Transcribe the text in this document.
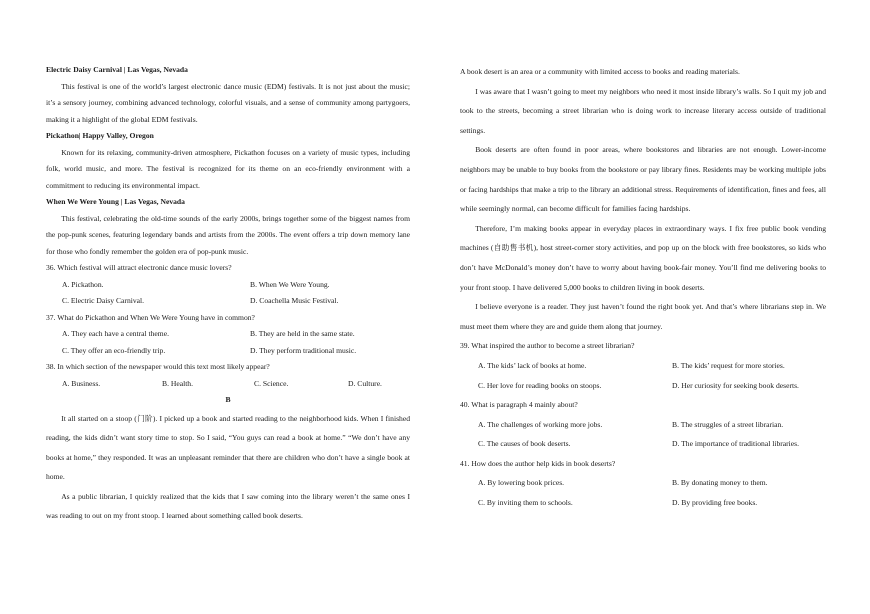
Electric Daisy Carnival | Las Vegas, Nevada

This festival is one of the world’s largest electronic dance music (EDM) festivals. It is not just about the music; it’s a sensory journey, combining advanced technology, colorful visuals, and a sense of community among partygoers, making it a highlight of the global EDM festivals.

Pickathon| Happy Valley, Oregon

Known for its relaxing, community-driven atmosphere, Pickathon focuses on a variety of music types, including folk, world music, and more. The festival is recognized for its theme on an eco-friendly environment with a commitment to reducing its environmental impact.

When We Were Young | Las Vegas, Nevada

This festival, celebrating the old-time sounds of the early 2000s, brings together some of the biggest names from the pop-punk scenes, featuring legendary bands and artists from the 2000s. The event offers a trip down memory lane for those who fondly remember the golden era of pop-punk music.

36. Which festival will attract electronic dance music lovers?

A. Pickathon.	B. When We Were Young.
C. Electric Daisy Carnival.	D. Coachella Music Festival.

37. What do Pickathon and When We Were Young have in common?

A. They each have a central theme.	B. They are held in the same state.
C. They offer an eco-friendly trip.	D. They perform traditional music.

38. In which section of the newspaper would this text most likely appear?

A. Business.	B. Health.	C. Science.	D. Culture.

B

It all started on a stoop (门阶). I picked up a book and started reading to the neighborhood kids. When I finished reading, the kids didn’t want story time to stop. So I said, “You guys can read a book at home.” “We don’t have any books at home,” they responded. It was an unpleasant reminder that there are children who don’t have a single book at home.

As a public librarian, I quickly realized that the kids that I saw coming into the library weren’t the same ones I was reading to out on my front stoop. I learned about something called book deserts.

A book desert is an area or a community with limited access to books and reading materials.

I was aware that I wasn’t going to meet my neighbors who need it most inside library’s walls. So I quit my job and took to the streets, becoming a street librarian who is doing work to increase literary access outside of traditional settings.

Book deserts are often found in poor areas, where bookstores and libraries are not enough. Lower-income neighbors may be unable to buy books from the bookstore or pay library fines. Residents may be working multiple jobs or facing hardships that make a trip to the library an additional stress. Requirements of identification, fines and fees, all while seemingly normal, can become difficult for families facing hardships.

Therefore, I’m making books appear in everyday places in extraordinary ways. I fix free public book vending machines (自助售书机), host street-corner story activities, and pop up on the block with free bookstores, so kids who don’t have McDonald’s money don’t have to worry about having book-fair money. You’ll find me delivering books to your front stoop. I have delivered 5,000 books to children living in book deserts.

I believe everyone is a reader. They just haven’t found the right book yet. And that’s where librarians step in. We must meet them where they are and guide them along that journey.

39. What inspired the author to become a street librarian?

A. The kids’ lack of books at home.	B. The kids’ request for more stories.
C. Her love for reading books on stoops.	D. Her curiosity for seeking book deserts.

40. What is paragraph 4 mainly about?

A. The challenges of working more jobs.	B. The struggles of a street librarian.
C. The causes of book deserts.	D. The importance of traditional libraries.

41. How does the author help kids in book deserts?

A. By lowering book prices.	B. By donating money to them.
C. By inviting them to schools.	D. By providing free books.
